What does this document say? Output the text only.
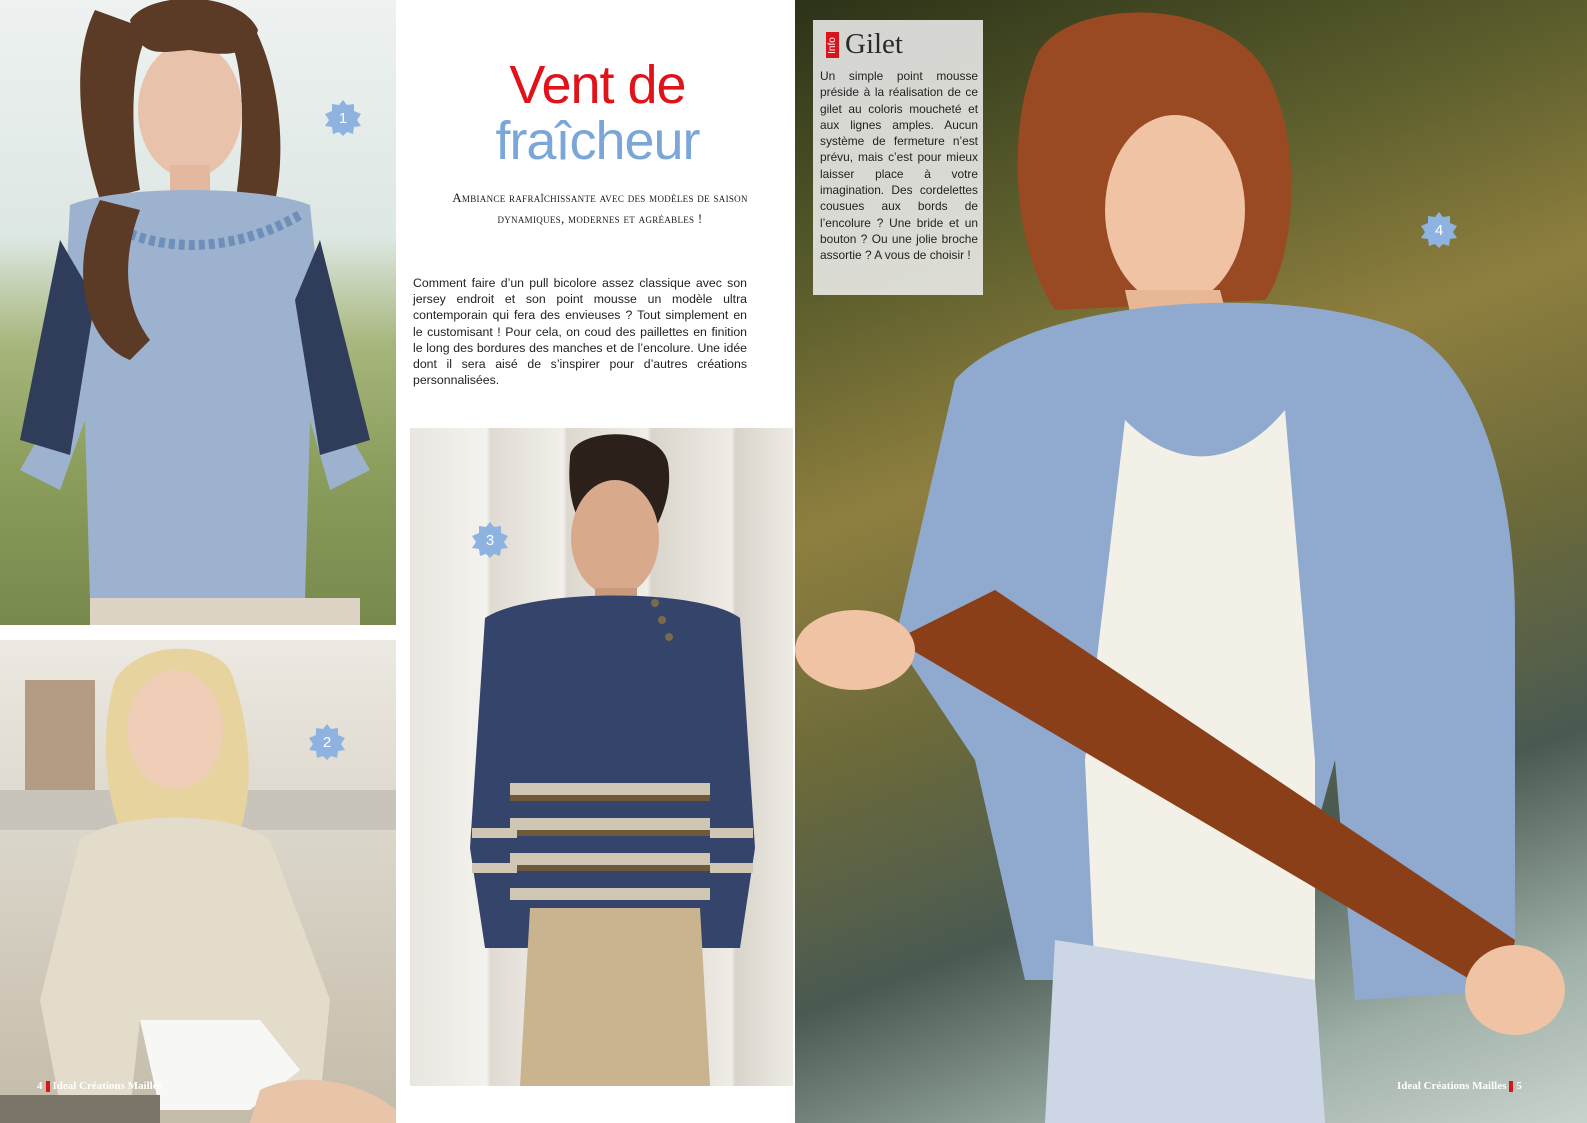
1
2
3
4
Vent de
fraîcheur
Ambiance rafraîchissante avec des modèles de saison dynamiques, modernes et agréables !
Comment faire d’un pull bicolore assez classique avec son jersey endroit et son point mousse un modèle ultra contemporain qui fera des envieuses ? Tout simplement en le customisant ! Pour cela, on coud des paillettes en finition le long des bordures des manches et de l’encolure. Une idée dont il sera aisé de s’inspirer pour d’autres créations personnalisées.
Info Gilet
Un simple point mousse préside à la réalisation de ce gilet au coloris moucheté et aux lignes amples. Aucun système de fermeture n’est prévu, mais c’est pour mieux laisser place à votre imagination. Des cordelettes cousues aux bords de l’encolure ? Une bride et un bouton ? Ou une jolie broche assortie ? A vous de choisir !
4 Ideal Créations Mailles	Ideal Créations Mailles 5
